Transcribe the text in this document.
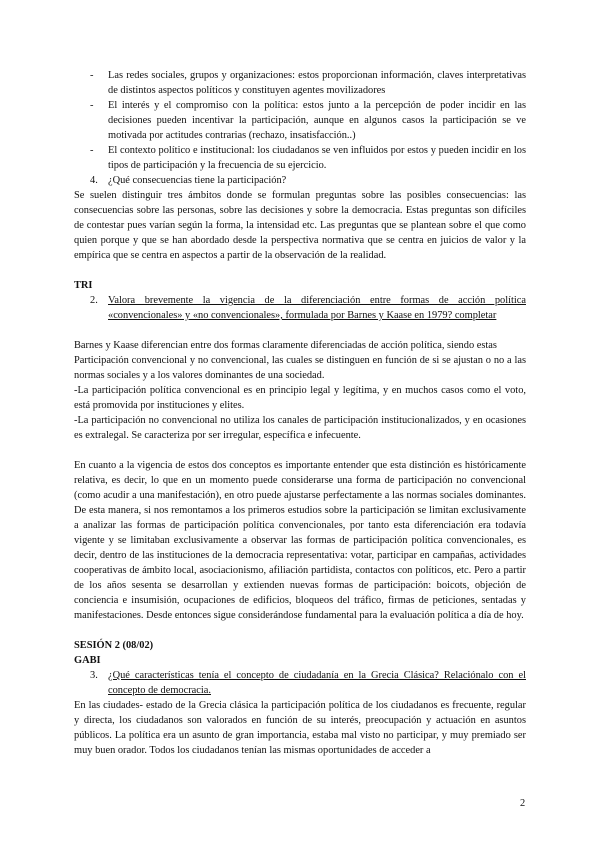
- Las redes sociales, grupos y organizaciones: estos proporcionan información, claves interpretativas de distintos aspectos políticos y constituyen agentes movilizadores
- El interés y el compromiso con la política: estos junto a la percepción de poder incidir en las decisiones pueden incentivar la participación, aunque en algunos casos la participación se ve motivada por actitudes contrarias (rechazo, insatisfacción..)
- El contexto político e institucional: los ciudadanos se ven influidos por estos y pueden incidir en los tipos de participación y la frecuencia de su ejercicio.
4. ¿Qué consecuencias tiene la participación?

Se suelen distinguir tres ámbitos donde se formulan preguntas sobre las posibles consecuencias: las consecuencias sobre las personas, sobre las decisiones y sobre la democracia. Estas preguntas son difíciles de contestar pues varían según la forma, la intensidad etc. Las preguntas que se plantean sobre el que como quien porque y que se han abordado desde la perspectiva normativa que se centra en juicios de valor y la empírica que se centra en aspectos a partir de la observación de la realidad.

TRI

2. Valora brevemente la vigencia de la diferenciación entre formas de acción política «convencionales» y «no convencionales», formulada por Barnes y Kaase en 1979? completar

Barnes y Kaase diferencian entre dos formas claramente diferenciadas de acción política, siendo estas

Participación convencional y no convencional, las cuales se distinguen en función de si se ajustan o no a las normas sociales y a los valores dominantes de una sociedad.

-La participación política convencional es en principio legal y legítima, y en muchos casos como el voto, está promovida por instituciones y elites.

-La participación no convencional no utiliza los canales de participación institucionalizados, y en ocasiones es extralegal. Se caracteriza por ser irregular, específica e infecuente.

En cuanto a la vigencia de estos dos conceptos es importante entender que esta distinción es históricamente relativa, es decir, lo que en un momento puede considerarse una forma de participación no convencional (como acudir a una manifestación), en otro puede ajustarse perfectamente a las normas sociales dominantes. De esta manera, si nos remontamos a los primeros estudios sobre la participación se limitan exclusivamente a analizar las formas de participación política convencionales, por tanto esta diferenciación era todavía vigente y se limitaban exclusivamente a observar las formas de participación política convencionales, es decir, dentro de las instituciones de la democracia representativa: votar, participar en campañas, actividades cooperativas de ámbito local, asociacionismo, afiliación partidista, contactos con políticos, etc. Pero a partir de los años sesenta se desarrollan y extienden nuevas formas de participación: boicots, objeción de conciencia e insumisión, ocupaciones de edificios, bloqueos del tráfico, firmas de peticiones, sentadas y manifestaciones. Desde entonces sigue considerándose fundamental para la evaluación política a día de hoy.

SESIÓN 2 (08/02)

GABI

3. ¿Qué características tenía el concepto de ciudadanía en la Grecia Clásica? Relaciónalo con el concepto de democracia.

En las ciudades- estado de la Grecia clásica la participación política de los ciudadanos es frecuente, regular y directa, los ciudadanos son valorados en función de su interés, preocupación y actuación en asuntos públicos. La política era un asunto de gran importancia, estaba mal visto no participar, y muy premiado ser muy buen orador. Todos los ciudadanos tenían las mismas oportunidades de acceder a

2
